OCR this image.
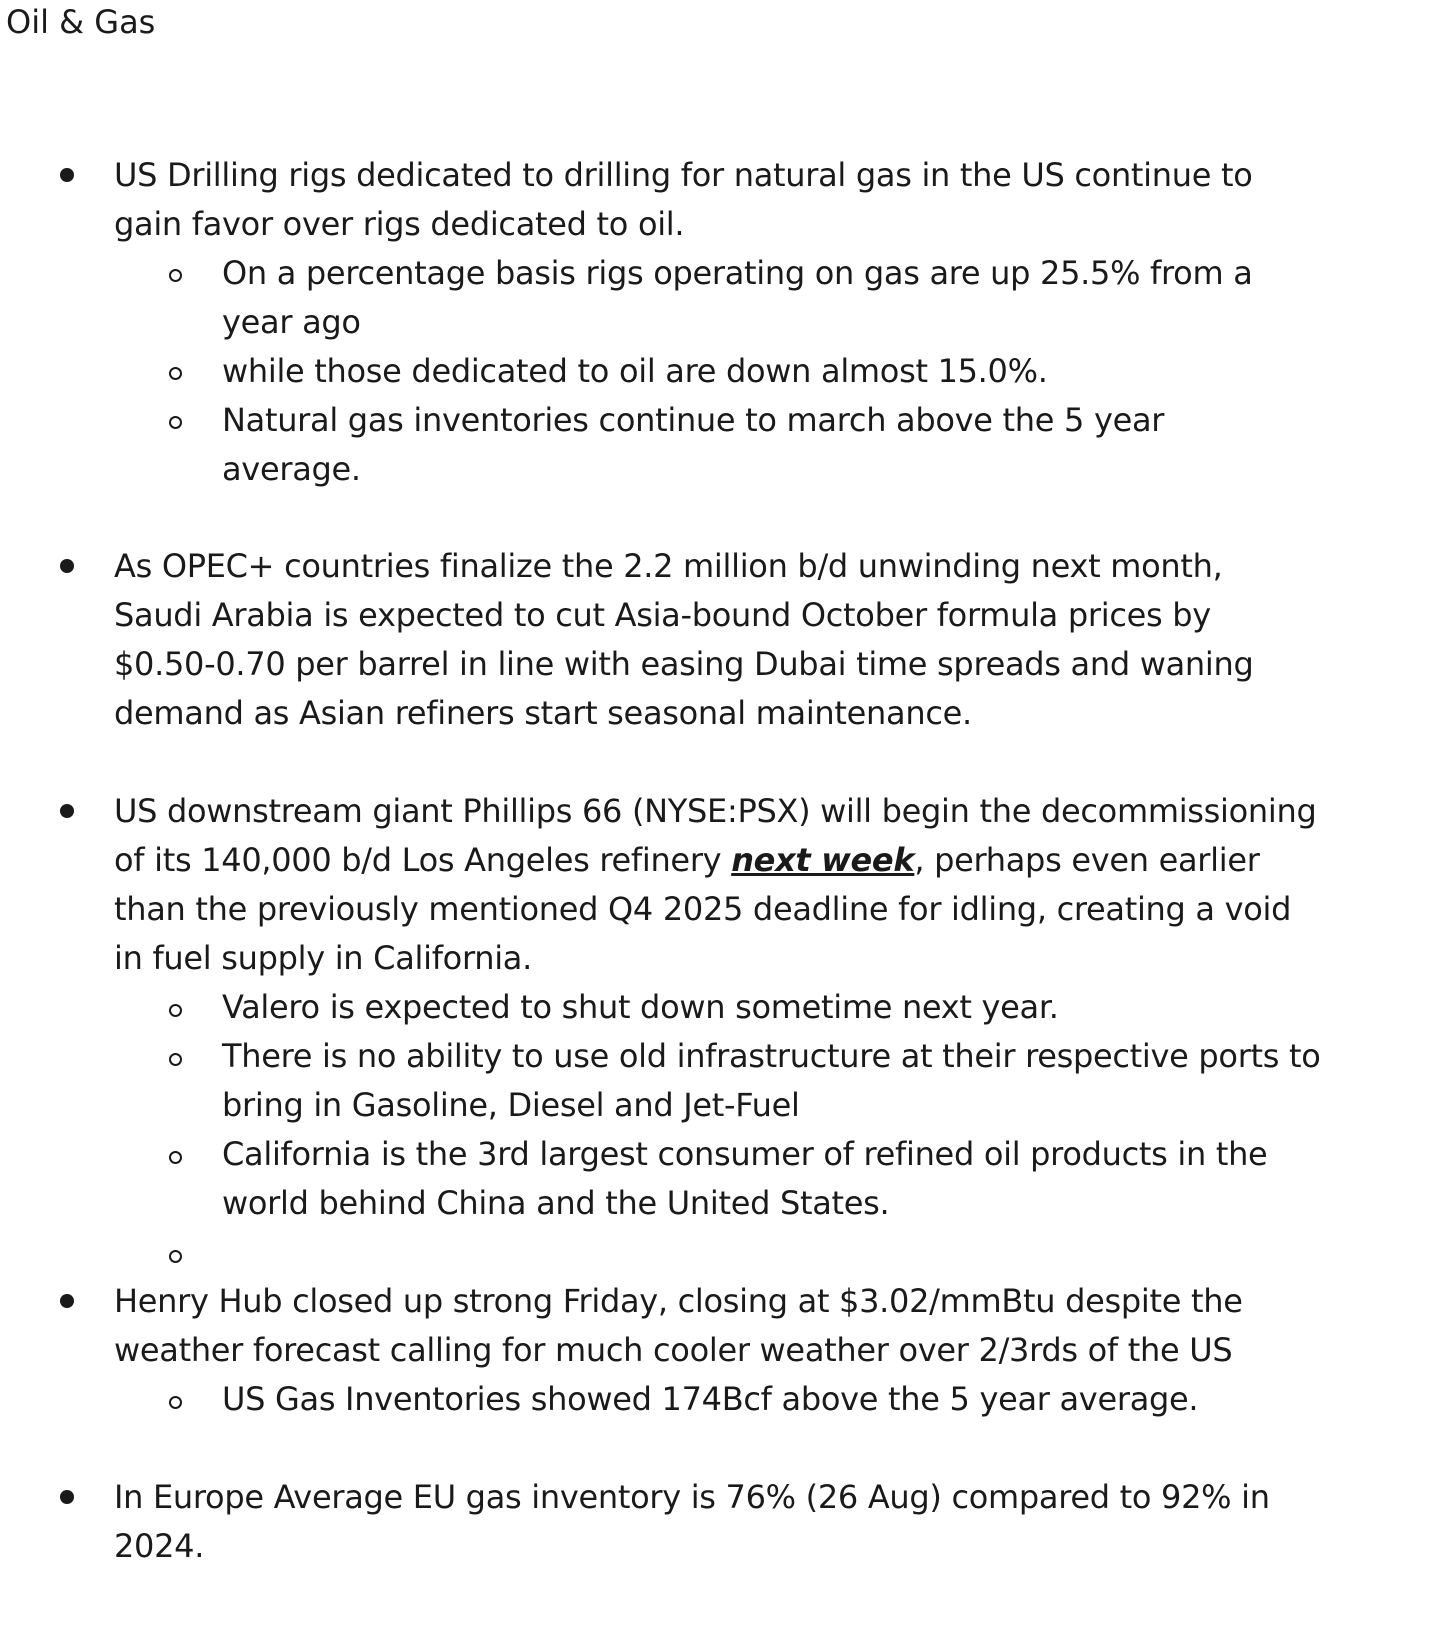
Oil & Gas
US Drilling rigs dedicated to drilling for natural gas in the US continue to
gain favor over rigs dedicated to oil.
On a percentage basis rigs operating on gas are up 25.5% from a
year ago
while those dedicated to oil are down almost 15.0%.
Natural gas inventories continue to march above the 5 year
average.
As OPEC+ countries finalize the 2.2 million b/d unwinding next month,
Saudi Arabia is expected to cut Asia-bound October formula prices by
$0.50-0.70 per barrel in line with easing Dubai time spreads and waning
demand as Asian refiners start seasonal maintenance.
US downstream giant Phillips 66 (NYSE:PSX) will begin the decommissioning
of its 140,000 b/d Los Angeles refinery next week, perhaps even earlier
than the previously mentioned Q4 2025 deadline for idling, creating a void
in fuel supply in California.
Valero is expected to shut down sometime next year.
There is no ability to use old infrastructure at their respective ports to
bring in Gasoline, Diesel and Jet-Fuel
California is the 3rd largest consumer of refined oil products in the
world behind China and the United States.
Henry Hub closed up strong Friday, closing at $3.02/mmBtu despite the
weather forecast calling for much cooler weather over 2/3rds of the US
US Gas Inventories showed 174Bcf above the 5 year average.
In Europe Average EU gas inventory is 76% (26 Aug) compared to 92% in
2024.
